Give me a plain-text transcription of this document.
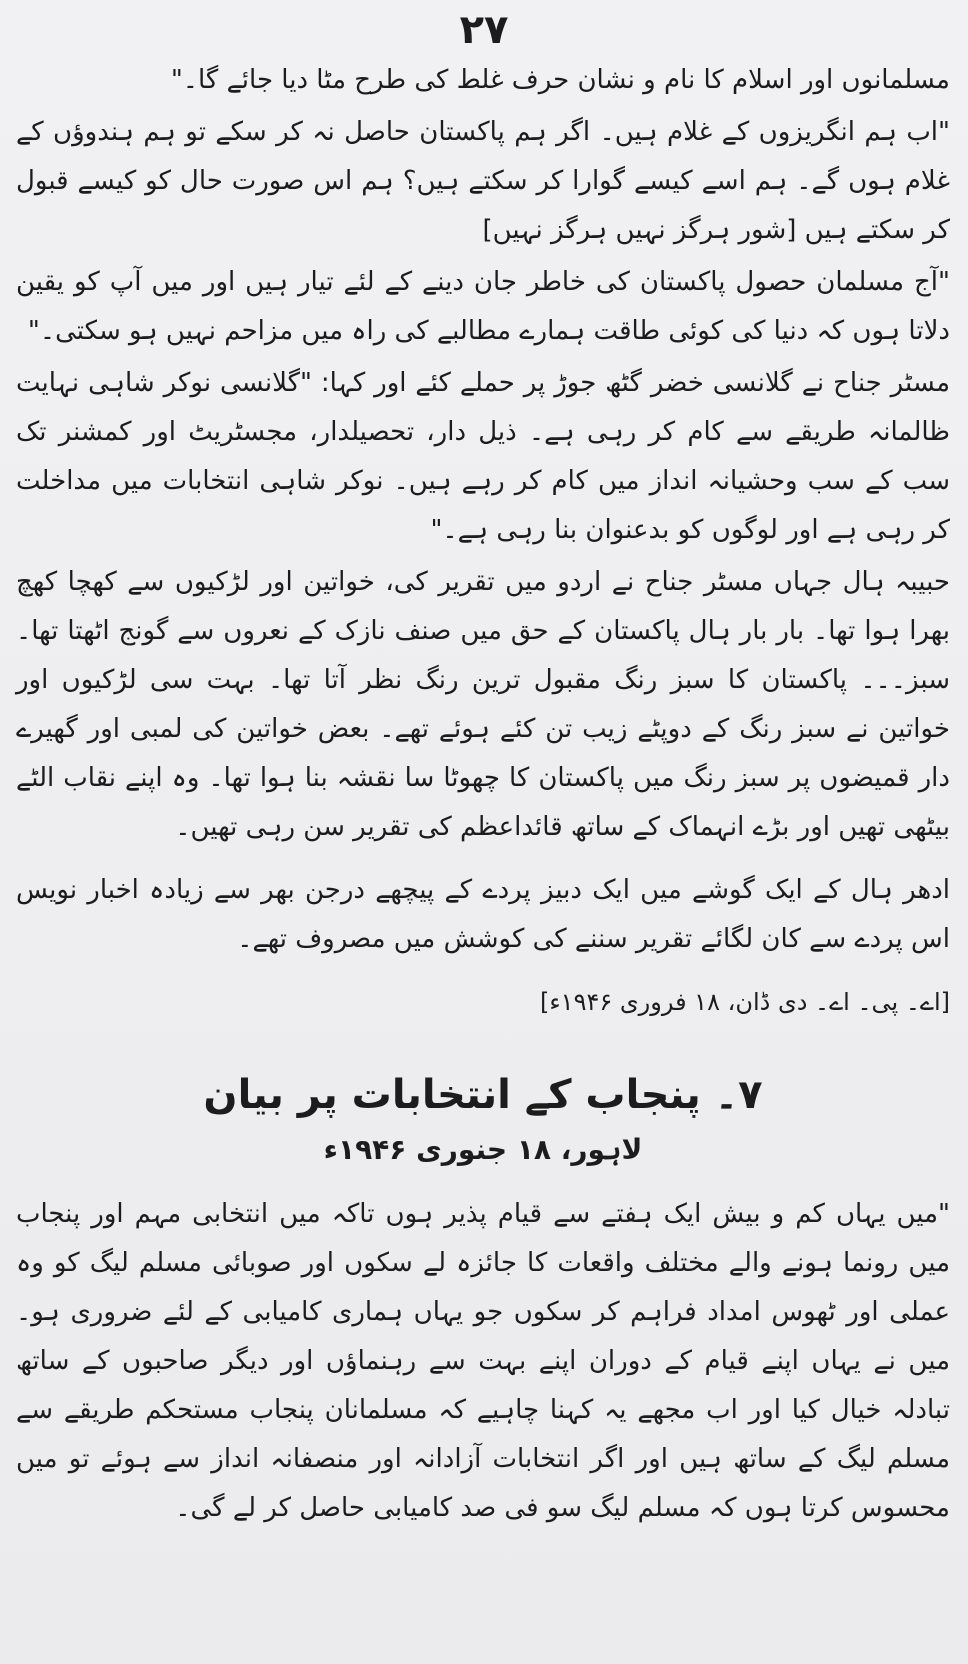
۲۷

مسلمانوں اور اسلام کا نام و نشان حرف غلط کی طرح مٹا دیا جائے گا۔"

"اب ہم انگریزوں کے غلام ہیں۔ اگر ہم پاکستان حاصل نہ کر سکے تو ہم ہندوؤں کے غلام ہوں گے۔ ہم اسے کیسے گوارا کر سکتے ہیں؟ ہم اس صورت حال کو کیسے قبول کر سکتے ہیں [شور ہرگز نہیں ہرگز نہیں]

"آج مسلمان حصول پاکستان کی خاطر جان دینے کے لئے تیار ہیں اور میں آپ کو یقین دلاتا ہوں کہ دنیا کی کوئی طاقت ہمارے مطالبے کی راہ میں مزاحم نہیں ہو سکتی۔"

مسٹر جناح نے گلانسی خضر گٹھ جوڑ پر حملے کئے اور کہا: "گلانسی نوکر شاہی نہایت ظالمانہ طریقے سے کام کر رہی ہے۔ ذیل دار، تحصیلدار، مجسٹریٹ اور کمشنر تک سب کے سب وحشیانہ انداز میں کام کر رہے ہیں۔ نوکر شاہی انتخابات میں مداخلت کر رہی ہے اور لوگوں کو بدعنوان بنا رہی ہے۔"

حبیبہ ہال جہاں مسٹر جناح نے اردو میں تقریر کی، خواتین اور لڑکیوں سے کھچا کھچ بھرا ہوا تھا۔ بار بار ہال پاکستان کے حق میں صنف نازک کے نعروں سے گونج اٹھتا تھا۔ سبز۔۔۔ پاکستان کا سبز رنگ مقبول ترین رنگ نظر آتا تھا۔ بہت سی لڑکیوں اور خواتین نے سبز رنگ کے دوپٹے زیب تن کئے ہوئے تھے۔ بعض خواتین کی لمبی اور گھیرے دار قمیضوں پر سبز رنگ میں پاکستان کا چھوٹا سا نقشہ بنا ہوا تھا۔ وہ اپنے نقاب الٹے بیٹھی تھیں اور بڑے انہماک کے ساتھ قائداعظم کی تقریر سن رہی تھیں۔

ادھر ہال کے ایک گوشے میں ایک دبیز پردے کے پیچھے درجن بھر سے زیادہ اخبار نویس اس پردے سے کان لگائے تقریر سننے کی کوشش میں مصروف تھے۔

[اے۔ پی۔ اے۔ دی ڈان، ۱۸ فروری ۱۹۴۶ء]

۷۔ پنجاب کے انتخابات پر بیان
لاہور، ۱۸ جنوری ۱۹۴۶ء

"میں یہاں کم و بیش ایک ہفتے سے قیام پذیر ہوں تاکہ میں انتخابی مہم اور پنجاب میں رونما ہونے والے مختلف واقعات کا جائزہ لے سکوں اور صوبائی مسلم لیگ کو وہ عملی اور ٹھوس امداد فراہم کر سکوں جو یہاں ہماری کامیابی کے لئے ضروری ہو۔ میں نے یہاں اپنے قیام کے دوران اپنے بہت سے رہنماؤں اور دیگر صاحبوں کے ساتھ تبادلہ خیال کیا اور اب مجھے یہ کہنا چاہیے کہ مسلمانان پنجاب مستحکم طریقے سے مسلم لیگ کے ساتھ ہیں اور اگر انتخابات آزادانہ اور منصفانہ انداز سے ہوئے تو میں محسوس کرتا ہوں کہ مسلم لیگ سو فی صد کامیابی حاصل کر لے گی۔
